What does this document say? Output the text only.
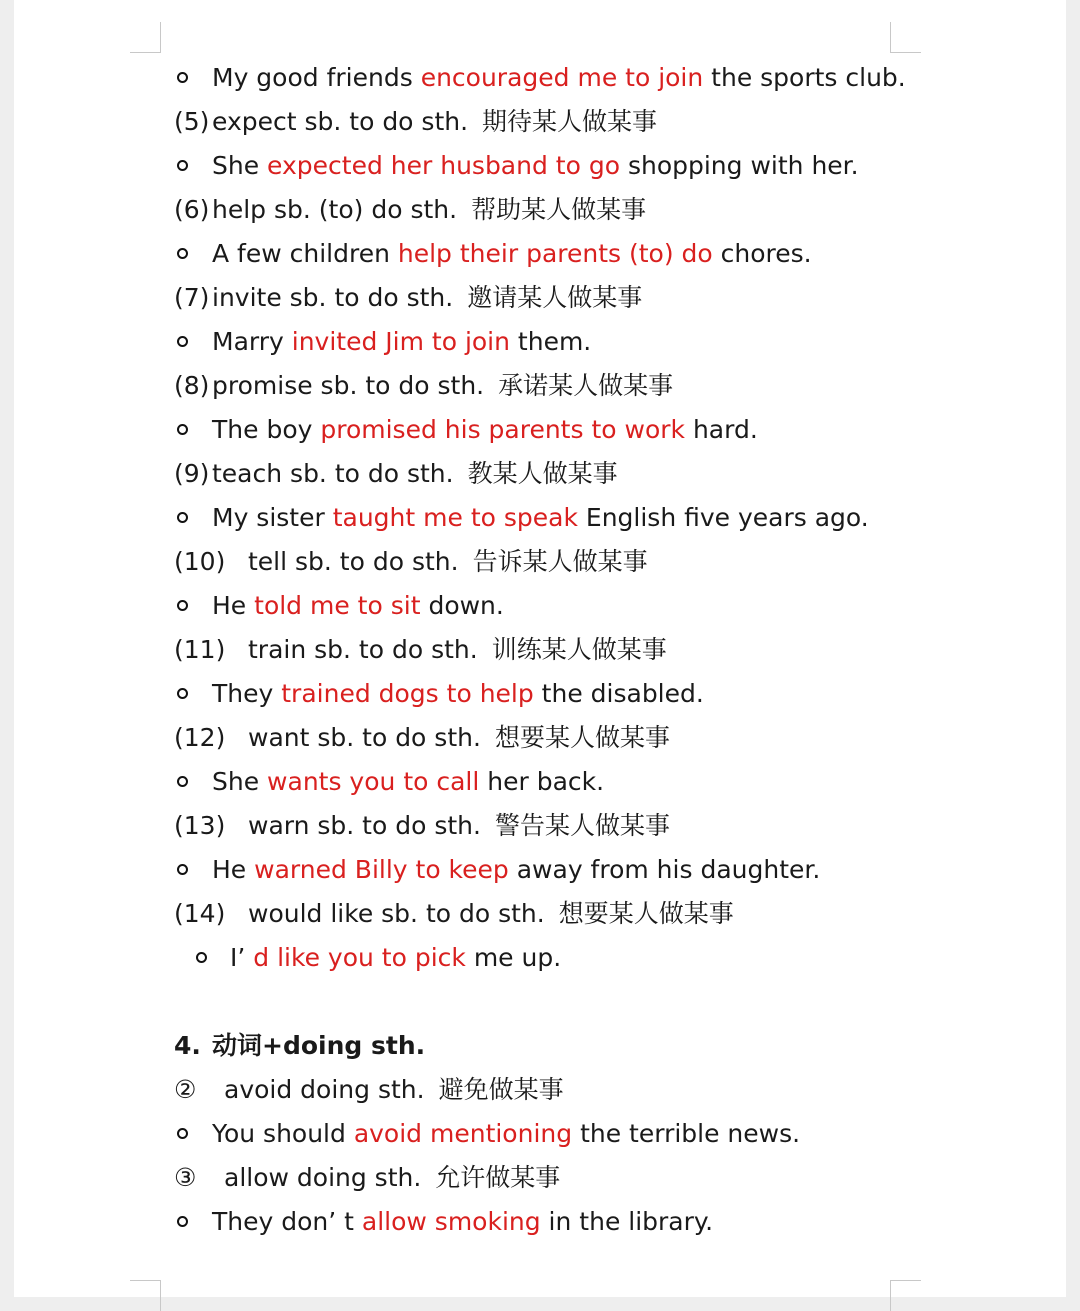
My good friends encouraged me to join the sports club.
(5) expect sb. to do sth. 期待某人做某事
She expected her husband to go shopping with her.
(6) help sb. (to) do sth. 帮助某人做某事
A few children help their parents (to) do chores.
(7) invite sb. to do sth. 邀请某人做某事
Marry invited Jim to join them.
(8) promise sb. to do sth. 承诺某人做某事
The boy promised his parents to work hard.
(9) teach sb. to do sth. 教某人做某事
My sister taught me to speak English five years ago.
(10) tell sb. to do sth. 告诉某人做某事
He told me to sit down.
(11) train sb. to do sth. 训练某人做某事
They trained dogs to help the disabled.
(12) want sb. to do sth. 想要某人做某事
She wants you to call her back.
(13) warn sb. to do sth. 警告某人做某事
He warned Billy to keep away from his daughter.
(14) would like sb. to do sth. 想要某人做某事
I’ d like you to pick me up.
4. 动词+doing sth.
② avoid doing sth. 避免做某事
You should avoid mentioning the terrible news.
③ allow doing sth. 允许做某事
They don’ t allow smoking in the library.
